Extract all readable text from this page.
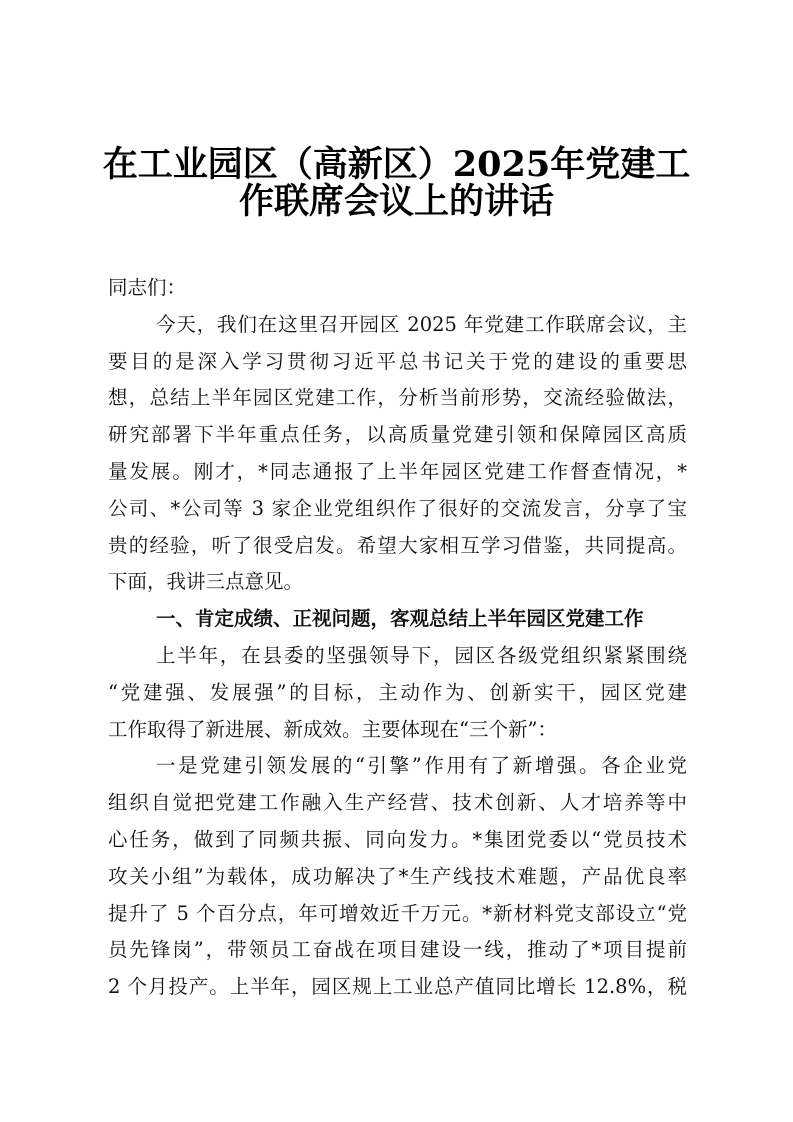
在工业园区（高新区）2025年党建工
作联席会议上的讲话
同志们：
今天，我们在这里召开园区 2025 年党建工作联席会议，主
要目的是深入学习贯彻习近平总书记关于党的建设的重要思
想，总结上半年园区党建工作，分析当前形势，交流经验做法，
研究部署下半年重点任务，以高质量党建引领和保障园区高质
量发展。刚才，*同志通报了上半年园区党建工作督查情况，*
公司、*公司等 3 家企业党组织作了很好的交流发言，分享了宝
贵的经验，听了很受启发。希望大家相互学习借鉴，共同提高。
下面，我讲三点意见。
一、肯定成绩、正视问题，客观总结上半年园区党建工作
上半年，在县委的坚强领导下，园区各级党组织紧紧围绕
“党建强、发展强”的目标，主动作为、创新实干，园区党建
工作取得了新进展、新成效。主要体现在“三个新”：
一是党建引领发展的“引擎”作用有了新增强。各企业党
组织自觉把党建工作融入生产经营、技术创新、人才培养等中
心任务，做到了同频共振、同向发力。*集团党委以“党员技术
攻关小组”为载体，成功解决了*生产线技术难题，产品优良率
提升了 5 个百分点，年可增效近千万元。*新材料党支部设立“党
员先锋岗”，带领员工奋战在项目建设一线，推动了*项目提前
2 个月投产。上半年，园区规上工业总产值同比增长 12.8%，税
